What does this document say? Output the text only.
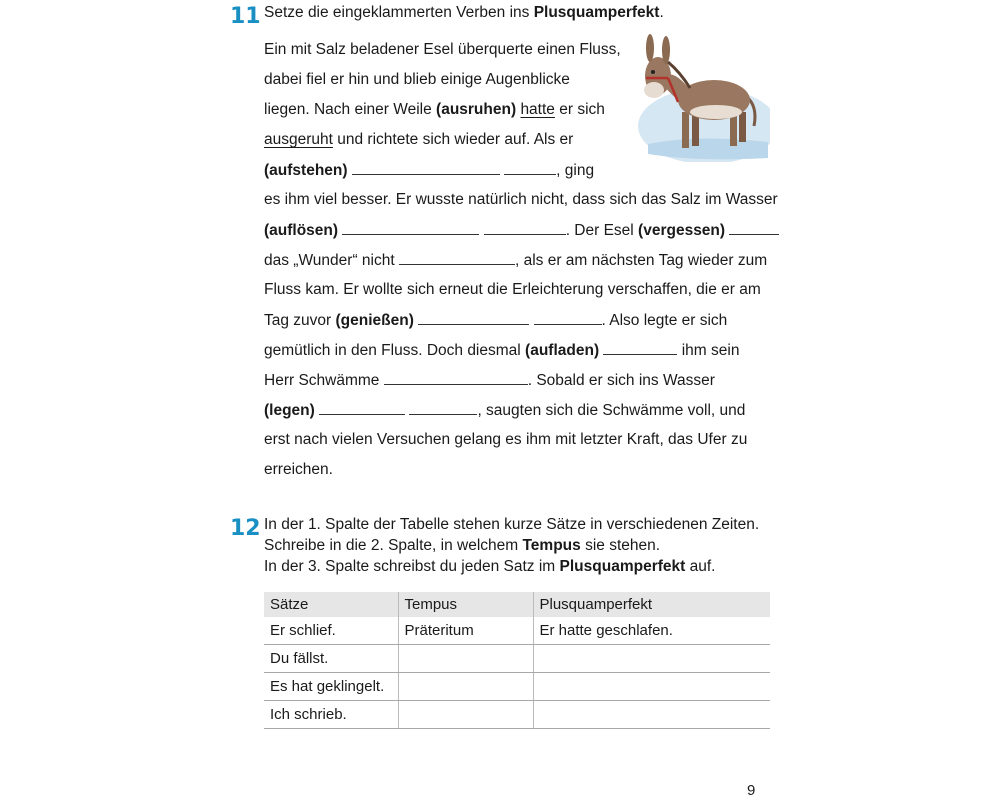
11 Setze die eingeklammerten Verben ins Plusquamperfekt.
Ein mit Salz beladener Esel überquerte einen Fluss,
dabei fiel er hin und blieb einige Augenblicke
liegen. Nach einer Weile (ausruhen) hatte er sich
ausgeruht und richtete sich wieder auf. Als er
(aufstehen)	, ging
es ihm viel besser. Er wusste natürlich nicht, dass sich das Salz im Wasser
(auflösen)	. Der Esel (vergessen)
das „Wunder“ nicht	, als er am nächsten Tag wieder zum
Fluss kam. Er wollte sich erneut die Erleichterung verschaffen, die er am
Tag zuvor (genießen)	. Also legte er sich
gemütlich in den Fluss. Doch diesmal (aufladen)	ihm sein
Herr Schwämme	. Sobald er sich ins Wasser
(legen)	, saugten sich die Schwämme voll, und
erst nach vielen Versuchen gelang es ihm mit letzter Kraft, das Ufer zu
erreichen.
12 In der 1. Spalte der Tabelle stehen kurze Sätze in verschiedenen Zeiten.
Schreibe in die 2. Spalte, in welchem Tempus sie stehen.
In der 3. Spalte schreibst du jeden Satz im Plusquamperfekt auf.
Sätze	Tempus	Plusquamperfekt
Er schlief.	Präteritum	Er hatte geschlafen.
Du fällst.		
Es hat geklingelt.		
Ich schrieb.		
9
